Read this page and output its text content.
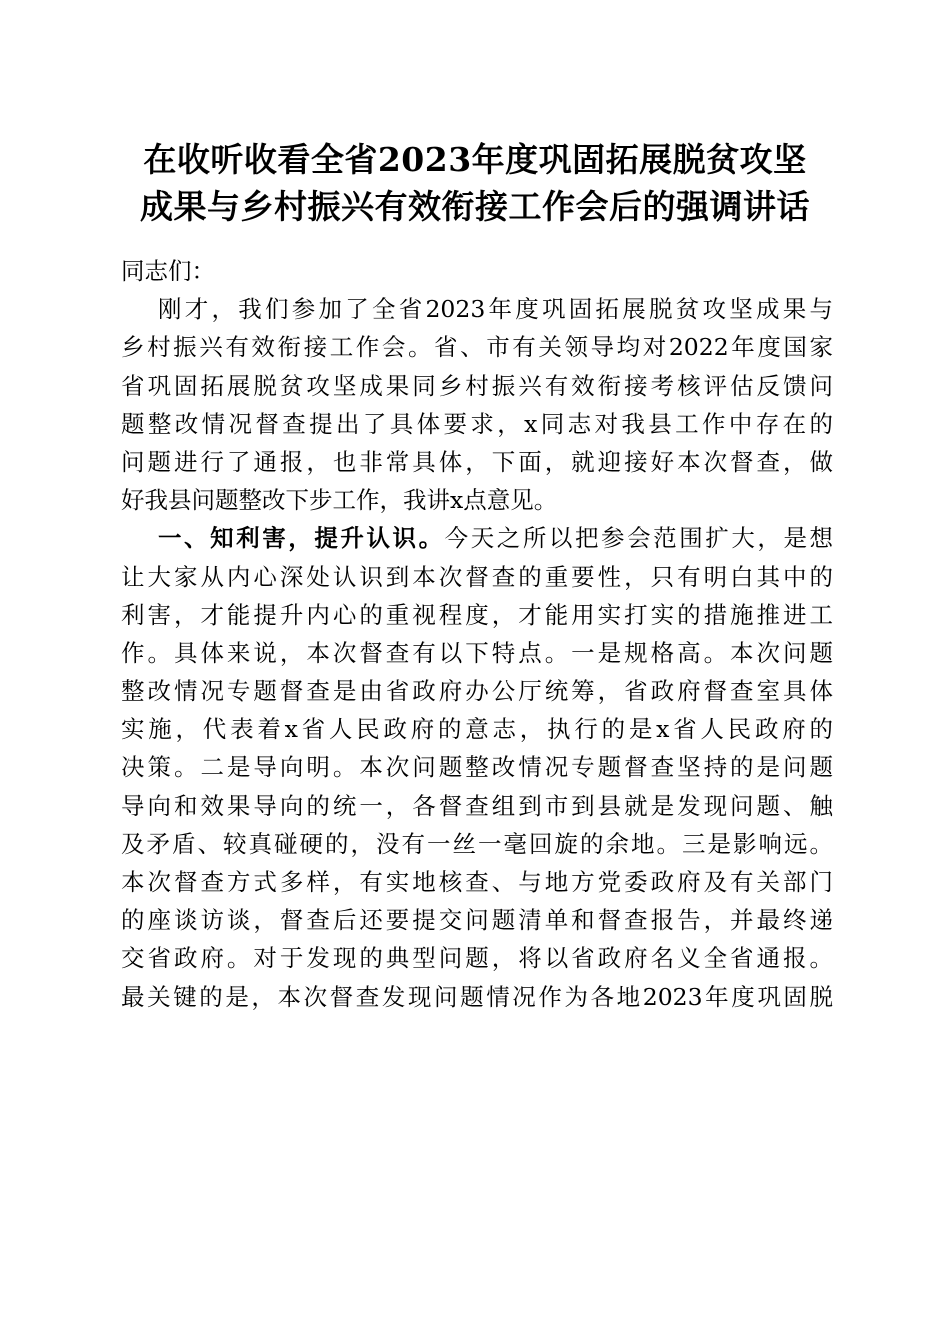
在收听收看全省2023年度巩固拓展脱贫攻坚
成果与乡村振兴有效衔接工作会后的强调讲话
同志们：
刚才，我们参加了全省2023年度巩固拓展脱贫攻坚成果与
乡村振兴有效衔接工作会。省、市有关领导均对2022年度国家
省巩固拓展脱贫攻坚成果同乡村振兴有效衔接考核评估反馈问
题整改情况督查提出了具体要求，x同志对我县工作中存在的
问题进行了通报，也非常具体，下面，就迎接好本次督查，做
好我县问题整改下步工作，我讲x点意见。
一、知利害，提升认识。今天之所以把参会范围扩大，是想
让大家从内心深处认识到本次督查的重要性，只有明白其中的
利害，才能提升内心的重视程度，才能用实打实的措施推进工
作。具体来说，本次督查有以下特点。一是规格高。本次问题
整改情况专题督查是由省政府办公厅统筹，省政府督查室具体
实施，代表着x省人民政府的意志，执行的是x省人民政府的
决策。二是导向明。本次问题整改情况专题督查坚持的是问题
导向和效果导向的统一，各督查组到市到县就是发现问题、触
及矛盾、较真碰硬的，没有一丝一毫回旋的余地。三是影响远。
本次督查方式多样，有实地核查、与地方党委政府及有关部门
的座谈访谈，督查后还要提交问题清单和督查报告，并最终递
交省政府。对于发现的典型问题，将以省政府名义全省通报。
最关键的是，本次督查发现问题情况作为各地2023年度巩固脱
